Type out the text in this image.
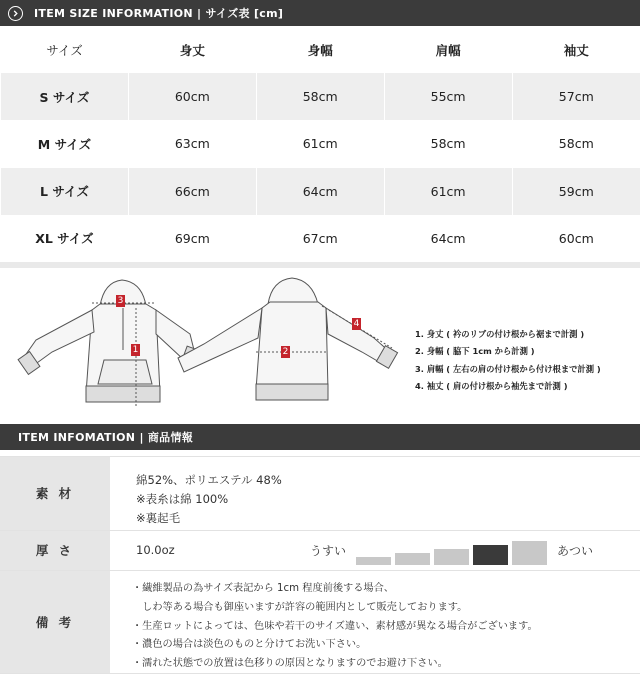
ITEM SIZE INFORMATION | サイズ表 [cm]
サイズ	身丈	身幅	肩幅	袖丈
S サイズ	60cm	58cm	55cm	57cm
M サイズ	63cm	61cm	58cm	58cm
L サイズ	66cm	64cm	61cm	59cm
XL サイズ	69cm	67cm	64cm	60cm
3
1	2
4
1. 身丈 ( 衿のリブの付け根から裾まで計測 )
2. 身幅 ( 脇下 1cm から計測 )
3. 肩幅 ( 左右の肩の付け根から付け根まで計測 )
4. 袖丈 ( 肩の付け根から袖先まで計測 )
ITEM INFOMATION | 商品情報
素 材
綿52%、ポリエステル 48%
※表糸は綿 100%
※裏起毛
厚 さ	10.0oz	うすい	あつい
備 考
・繊維製品の為サイズ表記から 1cm 程度前後する場合、
　しわ等ある場合も御座いますが許容の範囲内として販売しております。
・生産ロットによっては、色味や若干のサイズ違い、素材感が異なる場合がございます。
・濃色の場合は淡色のものと分けてお洗い下さい。
・濡れた状態での放置は色移りの原因となりますのでお避け下さい。
